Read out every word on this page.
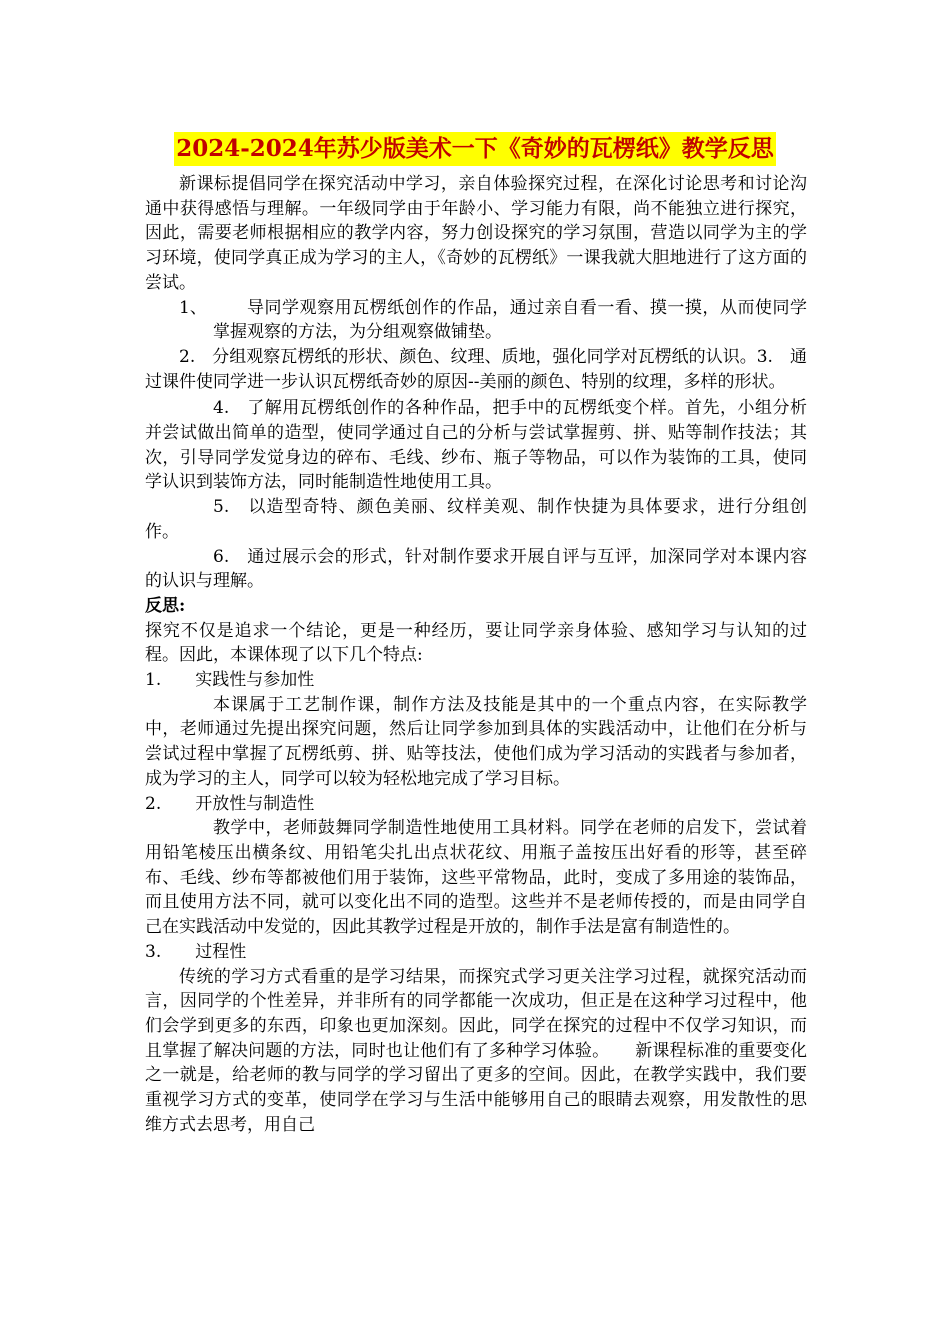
2024-2024年苏少版美术一下《奇妙的瓦楞纸》教学反思

新课标提倡同学在探究活动中学习，亲自体验探究过程，在深化讨论思考和讨论沟通中获得感悟与理解。一年级同学由于年龄小、学习能力有限，尚不能独立进行探究，因此，需要老师根据相应的教学内容，努力创设探究的学习氛围，营造以同学为主的学习环境，使同学真正成为学习的主人，《奇妙的瓦楞纸》一课我就大胆地进行了这方面的尝试。

1、	导同学观察用瓦楞纸创作的作品，通过亲自看一看、摸一摸，从而使同学掌握观察的方法，为分组观察做铺垫。

2.　分组观察瓦楞纸的形状、颜色、纹理、质地，强化同学对瓦楞纸的认识。3.　通过课件使同学进一步认识瓦楞纸奇妙的原因--美丽的颜色、特别的纹理，多样的形状。

4.　了解用瓦楞纸创作的各种作品，把手中的瓦楞纸变个样。首先，小组分析并尝试做出简单的造型，使同学通过自己的分析与尝试掌握剪、拼、贴等制作技法；其次，引导同学发觉身边的碎布、毛线、纱布、瓶子等物品，可以作为装饰的工具，使同学认识到装饰方法，同时能制造性地使用工具。

5.　以造型奇特、颜色美丽、纹样美观、制作快捷为具体要求，进行分组创作。

6.　通过展示会的形式，针对制作要求开展自评与互评，加深同学对本课内容的认识与理解。

反思:

探究不仅是追求一个结论，更是一种经历，要让同学亲身体验、感知学习与认知的过程。因此，本课体现了以下几个特点:

1. 实践性与参加性

本课属于工艺制作课，制作方法及技能是其中的一个重点内容，在实际教学中，老师通过先提出探究问题，然后让同学参加到具体的实践活动中，让他们在分析与尝试过程中掌握了瓦楞纸剪、拼、贴等技法，使他们成为学习活动的实践者与参加者，成为学习的主人，同学可以较为轻松地完成了学习目标。

2. 开放性与制造性

教学中，老师鼓舞同学制造性地使用工具材料。同学在老师的启发下，尝试着用铅笔棱压出横条纹、用铅笔尖扎出点状花纹、用瓶子盖按压出好看的形等，甚至碎布、毛线、纱布等都被他们用于装饰，这些平常物品，此时，变成了多用途的装饰品，而且使用方法不同，就可以变化出不同的造型。这些并不是老师传授的，而是由同学自己在实践活动中发觉的，因此其教学过程是开放的，制作手法是富有制造性的。

3. 过程性

传统的学习方式看重的是学习结果，而探究式学习更关注学习过程，就探究活动而言，因同学的个性差异，并非所有的同学都能一次成功，但正是在这种学习过程中，他们会学到更多的东西，印象也更加深刻。因此，同学在探究的过程中不仅学习知识，而且掌握了解决问题的方法，同时也让他们有了多种学习体验。　　新课程标准的重要变化之一就是，给老师的教与同学的学习留出了更多的空间。因此，在教学实践中，我们要重视学习方式的变革，使同学在学习与生活中能够用自己的眼睛去观察，用发散性的思维方式去思考，用自己
